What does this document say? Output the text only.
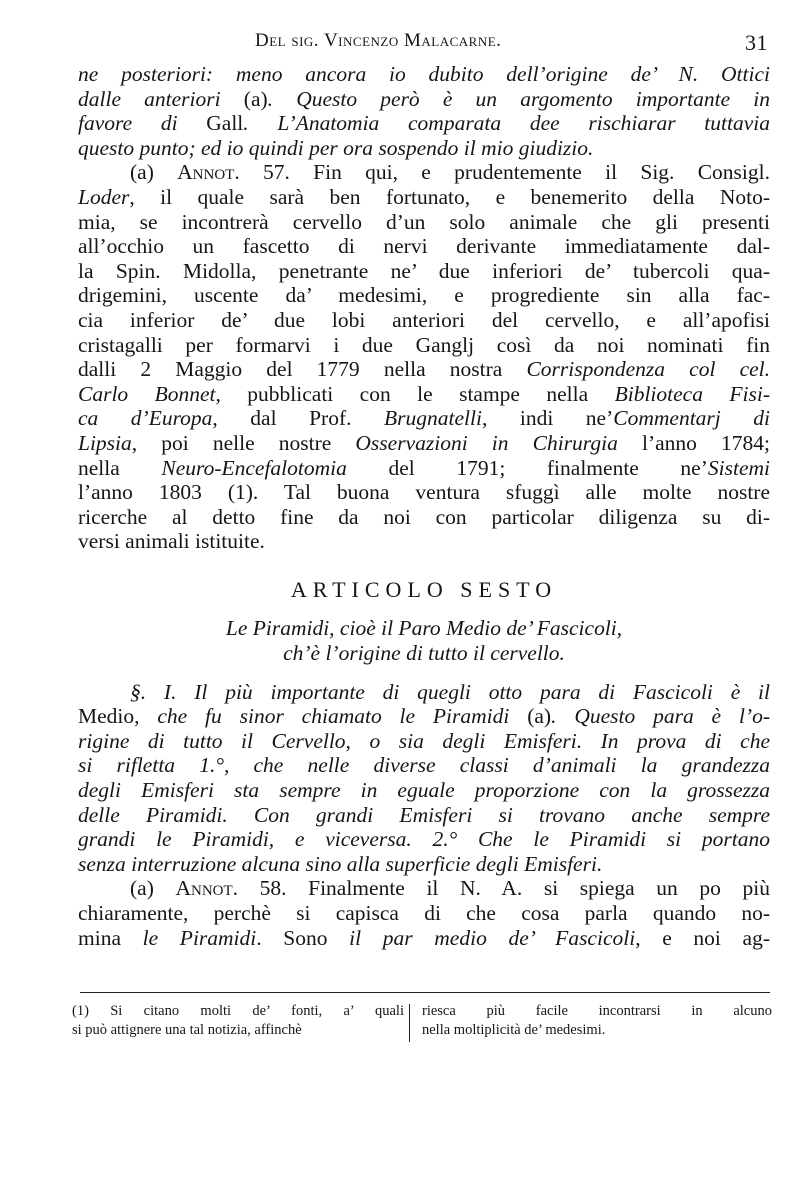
Del sig. Vincenzo Malacarne.	31
ne posteriori: meno ancora io dubito dell’origine de’ N. Ottici
dalle anteriori (a). Questo però è un argomento importante in
favore di Gall. L’Anatomia comparata dee rischiarar tuttavia
questo punto; ed io quindi per ora sospendo il mio giudizio.
(a) Annot. 57. Fin qui, e prudentemente il Sig. Consigl.
Loder, il quale sarà ben fortunato, e benemerito della Noto-
mia, se incontrerà cervello d’un solo animale che gli presenti
all’occhio un fascetto di nervi derivante immediatamente dal-
la Spin. Midolla, penetrante ne’ due inferiori de’ tubercoli qua-
drigemini, uscente da’ medesimi, e progrediente sin alla fac-
cia inferior de’ due lobi anteriori del cervello, e all’apofisi
cristagalli per formarvi i due Ganglj così da noi nominati fin
dalli 2 Maggio del 1779 nella nostra Corrispondenza col cel.
Carlo Bonnet, pubblicati con le stampe nella Biblioteca Fisi-
ca d’Europa, dal Prof. Brugnatelli, indi ne’Commentarj di
Lipsia, poi nelle nostre Osservazioni in Chirurgia l’anno 1784;
nella Neuro-Encefalotomia del 1791; finalmente ne’Sistemi
l’anno 1803 (1). Tal buona ventura sfuggì alle molte nostre
ricerche al detto fine da noi con particolar diligenza su di-
versi animali istituite.
ARTICOLO SESTO
Le Piramidi, cioè il Paro Medio de’ Fascicoli,
ch’è l’origine di tutto il cervello.
§. I. Il più importante di quegli otto para di Fascicoli è il
Medio, che fu sinor chiamato le Piramidi (a). Questo para è l’o-
rigine di tutto il Cervello, o sia degli Emisferi. In prova di che
si rifletta 1.°, che nelle diverse classi d’animali la grandezza
degli Emisferi sta sempre in eguale proporzione con la grossezza
delle Piramidi. Con grandi Emisferi si trovano anche sempre
grandi le Piramidi, e viceversa. 2.° Che le Piramidi si portano
senza interruzione alcuna sino alla superficie degli Emisferi.
(a) Annot. 58. Finalmente il N. A. si spiega un po più
chiaramente, perchè si capisca di che cosa parla quando no-
mina le Piramidi. Sono il par medio de’ Fascicoli, e noi ag-
(1) Si citano molti de’ fonti, a’ quali
si può attignere una tal notizia, affinchè
riesca più facile incontrarsi in alcuno
nella moltiplicità de’ medesimi.
